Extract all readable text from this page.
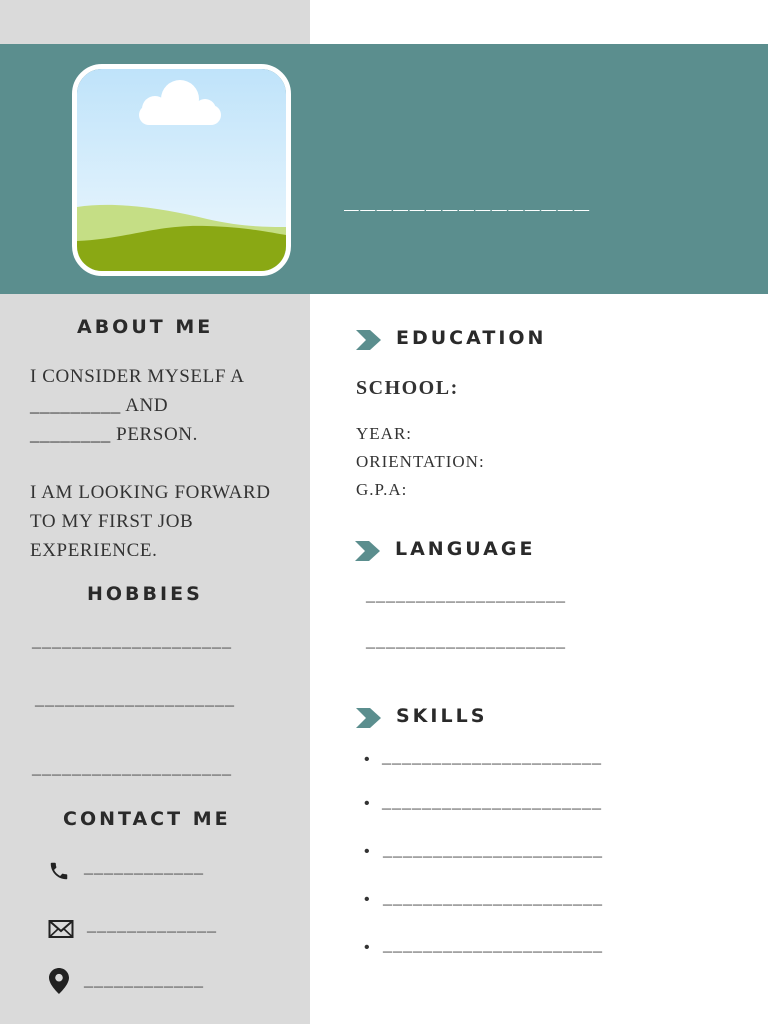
_______________
ABOUT ME
I CONSIDER MYSELF A
_________ AND
________ PERSON.
I AM LOOKING FORWARD
TO MY FIRST JOB
EXPERIENCE.
HOBBIES
____________________
____________________
____________________
CONTACT ME
____________
_____________
____________
EDUCATION
SCHOOL:
YEAR:
ORIENTATION:
G.P.A:
LANGUAGE
____________________
____________________
SKILLS
• ______________________
• ______________________
• ______________________
• ______________________
• ______________________
